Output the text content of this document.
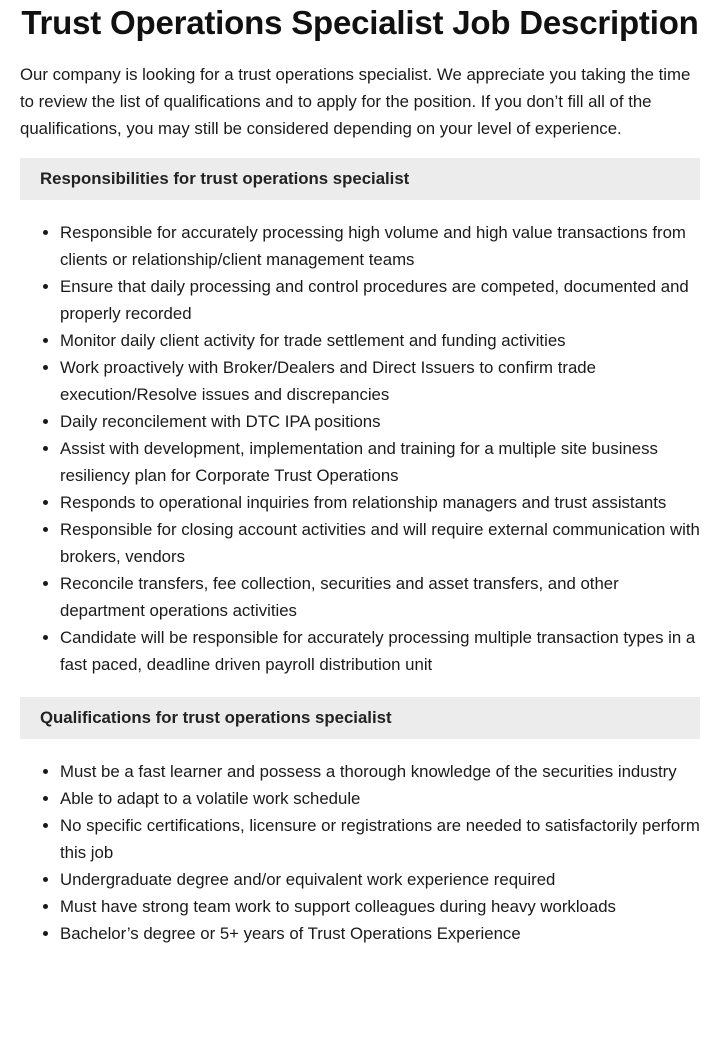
Trust Operations Specialist Job Description

Our company is looking for a trust operations specialist. We appreciate you taking the time to review the list of qualifications and to apply for the position. If you don’t fill all of the qualifications, you may still be considered depending on your level of experience.

Responsibilities for trust operations specialist
• Responsible for accurately processing high volume and high value transactions from clients or relationship/client management teams
• Ensure that daily processing and control procedures are competed, documented and properly recorded
• Monitor daily client activity for trade settlement and funding activities
• Work proactively with Broker/Dealers and Direct Issuers to confirm trade execution/Resolve issues and discrepancies
• Daily reconcilement with DTC IPA positions
• Assist with development, implementation and training for a multiple site business resiliency plan for Corporate Trust Operations
• Responds to operational inquiries from relationship managers and trust assistants
• Responsible for closing account activities and will require external communication with brokers, vendors
• Reconcile transfers, fee collection, securities and asset transfers, and other department operations activities
• Candidate will be responsible for accurately processing multiple transaction types in a fast paced, deadline driven payroll distribution unit
Qualifications for trust operations specialist
• Must be a fast learner and possess a thorough knowledge of the securities industry
• Able to adapt to a volatile work schedule
• No specific certifications, licensure or registrations are needed to satisfactorily perform this job
• Undergraduate degree and/or equivalent work experience required
• Must have strong team work to support colleagues during heavy workloads
• Bachelor’s degree or 5+ years of Trust Operations Experience
